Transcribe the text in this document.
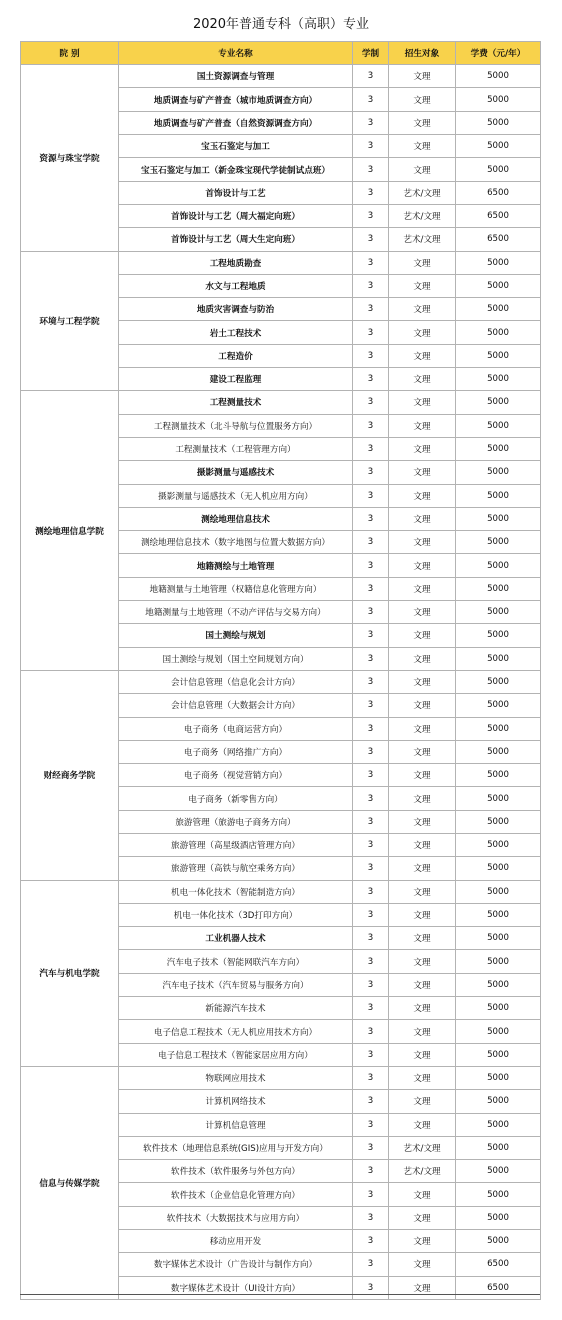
2020年普通专科（高职）专业
院 别	专业名称	学制	招生对象	学费（元/年）
资源与珠宝学院	国土资源调查与管理	3	文理	5000
	地质调查与矿产普查（城市地质调查方向）	3	文理	5000
	地质调查与矿产普查（自然资源调查方向）	3	文理	5000
	宝玉石鉴定与加工	3	文理	5000
	宝玉石鉴定与加工（新金珠宝现代学徒制试点班）	3	文理	5000
	首饰设计与工艺	3	艺术/文理	6500
	首饰设计与工艺（周大福定向班）	3	艺术/文理	6500
	首饰设计与工艺（周大生定向班）	3	艺术/文理	6500
环境与工程学院	工程地质勘查	3	文理	5000
	水文与工程地质	3	文理	5000
	地质灾害调查与防治	3	文理	5000
	岩土工程技术	3	文理	5000
	工程造价	3	文理	5000
	建设工程监理	3	文理	5000
测绘地理信息学院	工程测量技术	3	文理	5000
	工程测量技术（北斗导航与位置服务方向）	3	文理	5000
	工程测量技术（工程管理方向）	3	文理	5000
	摄影测量与遥感技术	3	文理	5000
	摄影测量与遥感技术（无人机应用方向）	3	文理	5000
	测绘地理信息技术	3	文理	5000
	测绘地理信息技术（数字地图与位置大数据方向）	3	文理	5000
	地籍测绘与土地管理	3	文理	5000
	地籍测量与土地管理（权籍信息化管理方向）	3	文理	5000
	地籍测量与土地管理（不动产评估与交易方向）	3	文理	5000
	国土测绘与规划	3	文理	5000
	国土测绘与规划（国土空间规划方向）	3	文理	5000
财经商务学院	会计信息管理（信息化会计方向）	3	文理	5000
	会计信息管理（大数据会计方向）	3	文理	5000
	电子商务（电商运营方向）	3	文理	5000
	电子商务（网络推广方向）	3	文理	5000
	电子商务（视觉营销方向）	3	文理	5000
	电子商务（新零售方向）	3	文理	5000
	旅游管理（旅游电子商务方向）	3	文理	5000
	旅游管理（高星级酒店管理方向）	3	文理	5000
	旅游管理（高铁与航空乘务方向）	3	文理	5000
汽车与机电学院	机电一体化技术（智能制造方向）	3	文理	5000
	机电一体化技术（3D打印方向）	3	文理	5000
	工业机器人技术	3	文理	5000
	汽车电子技术（智能网联汽车方向）	3	文理	5000
	汽车电子技术（汽车贸易与服务方向）	3	文理	5000
	新能源汽车技术	3	文理	5000
	电子信息工程技术（无人机应用技术方向）	3	文理	5000
	电子信息工程技术（智能家居应用方向）	3	文理	5000
信息与传媒学院	物联网应用技术	3	文理	5000
	计算机网络技术	3	文理	5000
	计算机信息管理	3	文理	5000
	软件技术（地理信息系统(GIS)应用与开发方向）	3	艺术/文理	5000
	软件技术（软件服务与外包方向）	3	艺术/文理	5000
	软件技术（企业信息化管理方向）	3	文理	5000
	软件技术（大数据技术与应用方向）	3	文理	5000
	移动应用开发	3	文理	5000
	数字媒体艺术设计（广告设计与制作方向）	3	文理	6500
	数字媒体艺术设计（UI设计方向）	3	文理	6500
